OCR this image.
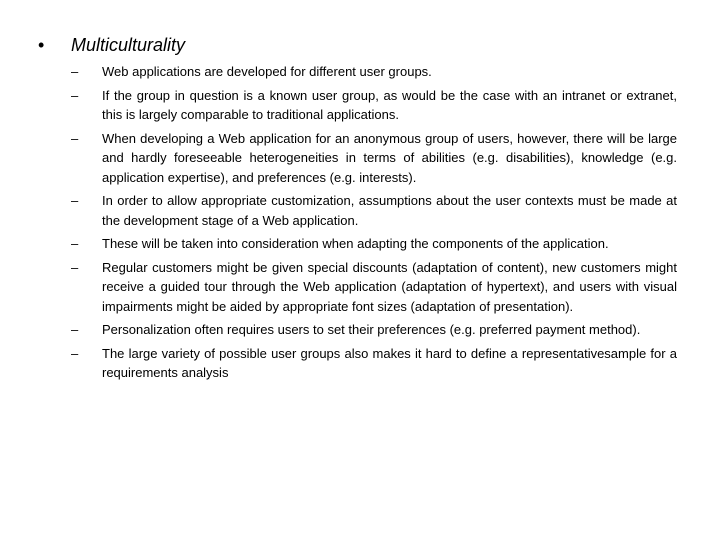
•	Multiculturality
–	Web applications are developed for different user groups.
–	If the group in question is a known user group, as would be the case with an intranet or extranet, this is largely comparable to traditional applications.
–	When developing a Web application for an anonymous group of users, however, there will be large and hardly foreseeable heterogeneities in terms of abilities (e.g. disabilities), knowledge (e.g. application expertise), and preferences (e.g. interests).
–	In order to allow appropriate customization, assumptions about the user contexts must be made at the development stage of a Web application.
–	These will be taken into consideration when adapting the components of the application.
–	Regular customers might be given special discounts (adaptation of content), new customers might receive a guided tour through the Web application (adaptation of hypertext), and users with visual impairments might be aided by appropriate font sizes (adaptation of presentation).
–	Personalization often requires users to set their preferences (e.g. preferred payment method).
–	The large variety of possible user groups also makes it hard to define a representativesample for a requirements analysis
